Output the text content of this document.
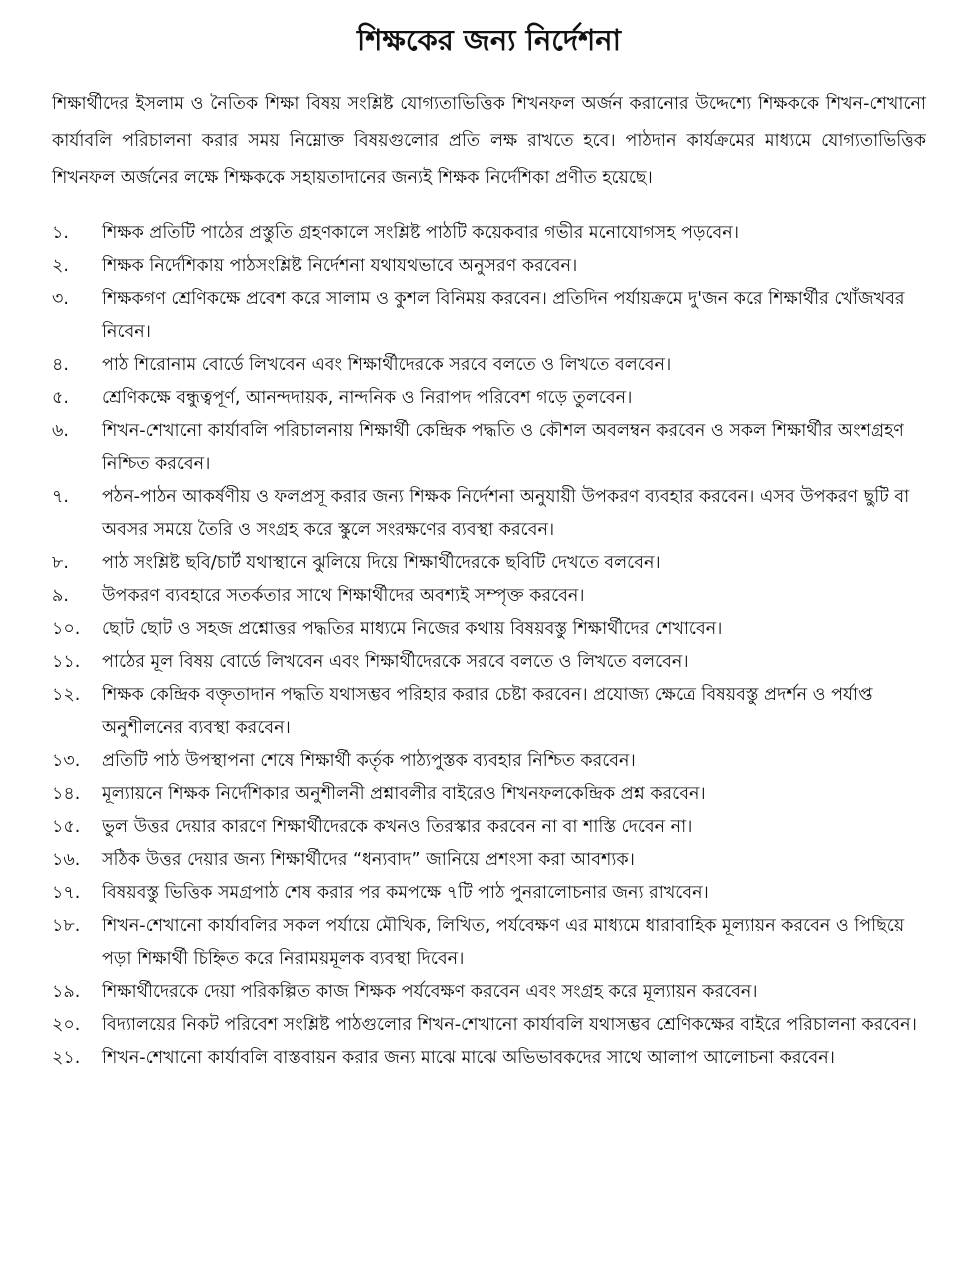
শিক্ষকের জন্য নির্দেশনা

শিক্ষার্থীদের ইসলাম ও নৈতিক শিক্ষা বিষয় সংশ্লিষ্ট যোগ্যতাভিত্তিক শিখনফল অর্জন করানোর উদ্দেশ্যে শিক্ষককে শিখন-শেখানো কার্যাবলি পরিচালনা করার সময় নিম্নোক্ত বিষয়গুলোর প্রতি লক্ষ রাখতে হবে। পাঠদান কার্যক্রমের মাধ্যমে যোগ্যতাভিত্তিক শিখনফল অর্জনের লক্ষে শিক্ষককে সহায়তাদানের জন্যই শিক্ষক নির্দেশিকা প্রণীত হয়েছে।

১.	শিক্ষক প্রতিটি পাঠের প্রস্তুতি গ্রহণকালে সংশ্লিষ্ট পাঠটি কয়েকবার গভীর মনোযোগসহ পড়বেন।
২.	শিক্ষক নির্দেশিকায় পাঠসংশ্লিষ্ট নির্দেশনা যথাযথভাবে অনুসরণ করবেন।
৩.	শিক্ষকগণ শ্রেণিকক্ষে প্রবেশ করে সালাম ও কুশল বিনিময় করবেন। প্রতিদিন পর্যায়ক্রমে দু'জন করে শিক্ষার্থীর খোঁজখবর নিবেন।
৪.	পাঠ শিরোনাম বোর্ডে লিখবেন এবং শিক্ষার্থীদেরকে সরবে বলতে ও লিখতে বলবেন।
৫.	শ্রেণিকক্ষে বন্ধুত্বপূর্ণ, আনন্দদায়ক, নান্দনিক ও নিরাপদ পরিবেশ গড়ে তুলবেন।
৬.	শিখন-শেখানো কার্যাবলি পরিচালনায় শিক্ষার্থী কেন্দ্রিক পদ্ধতি ও কৌশল অবলম্বন করবেন ও সকল শিক্ষার্থীর অংশগ্রহণ নিশ্চিত করবেন।
৭.	পঠন-পাঠন আকর্ষণীয় ও ফলপ্রসূ করার জন্য শিক্ষক নির্দেশনা অনুযায়ী উপকরণ ব্যবহার করবেন। এসব উপকরণ ছুটি বা অবসর সময়ে তৈরি ও সংগ্রহ করে স্কুলে সংরক্ষণের ব্যবস্থা করবেন।
৮.	পাঠ সংশ্লিষ্ট ছবি/চার্ট যথাস্থানে ঝুলিয়ে দিয়ে শিক্ষার্থীদেরকে ছবিটি দেখতে বলবেন।
৯.	উপকরণ ব্যবহারে সতর্কতার সাথে শিক্ষার্থীদের অবশ্যই সম্পৃক্ত করবেন।
১০.	ছোট ছোট ও সহজ প্রশ্নোত্তর পদ্ধতির মাধ্যমে নিজের কথায় বিষয়বস্তু শিক্ষার্থীদের শেখাবেন।
১১.	পাঠের মূল বিষয় বোর্ডে লিখবেন এবং শিক্ষার্থীদেরকে সরবে বলতে ও লিখতে বলবেন।
১২.	শিক্ষক কেন্দ্রিক বক্তৃতাদান পদ্ধতি যথাসম্ভব পরিহার করার চেষ্টা করবেন। প্রযোজ্য ক্ষেত্রে বিষয়বস্তু প্রদর্শন ও পর্যাপ্ত অনুশীলনের ব্যবস্থা করবেন।
১৩.	প্রতিটি পাঠ উপস্থাপনা শেষে শিক্ষার্থী কর্তৃক পাঠ্যপুস্তক ব্যবহার নিশ্চিত করবেন।
১৪.	মূল্যায়নে শিক্ষক নির্দেশিকার অনুশীলনী প্রশ্নাবলীর বাইরেও শিখনফলকেন্দ্রিক প্রশ্ন করবেন।
১৫.	ভুল উত্তর দেয়ার কারণে শিক্ষার্থীদেরকে কখনও তিরস্কার করবেন না বা শাস্তি দেবেন না।
১৬.	সঠিক উত্তর দেয়ার জন্য শিক্ষার্থীদের “ধন্যবাদ” জানিয়ে প্রশংসা করা আবশ্যক।
১৭.	বিষয়বস্তু ভিত্তিক সমগ্রপাঠ শেষ করার পর কমপক্ষে ৭টি পাঠ পুনরালোচনার জন্য রাখবেন।
১৮.	শিখন-শেখানো কার্যাবলির সকল পর্যায়ে মৌখিক, লিখিত, পর্যবেক্ষণ এর মাধ্যমে ধারাবাহিক মূল্যায়ন করবেন ও পিছিয়ে পড়া শিক্ষার্থী চিহ্নিত করে নিরাময়মূলক ব্যবস্থা দিবেন।
১৯.	শিক্ষার্থীদেরকে দেয়া পরিকল্পিত কাজ শিক্ষক পর্যবেক্ষণ করবেন এবং সংগ্রহ করে মূল্যায়ন করবেন।
২০.	বিদ্যালয়ের নিকট পরিবেশ সংশ্লিষ্ট পাঠগুলোর শিখন-শেখানো কার্যাবলি যথাসম্ভব শ্রেণিকক্ষের বাইরে পরিচালনা করবেন।
২১.	শিখন-শেখানো কার্যাবলি বাস্তবায়ন করার জন্য মাঝে মাঝে অভিভাবকদের সাথে আলাপ আলোচনা করবেন।
